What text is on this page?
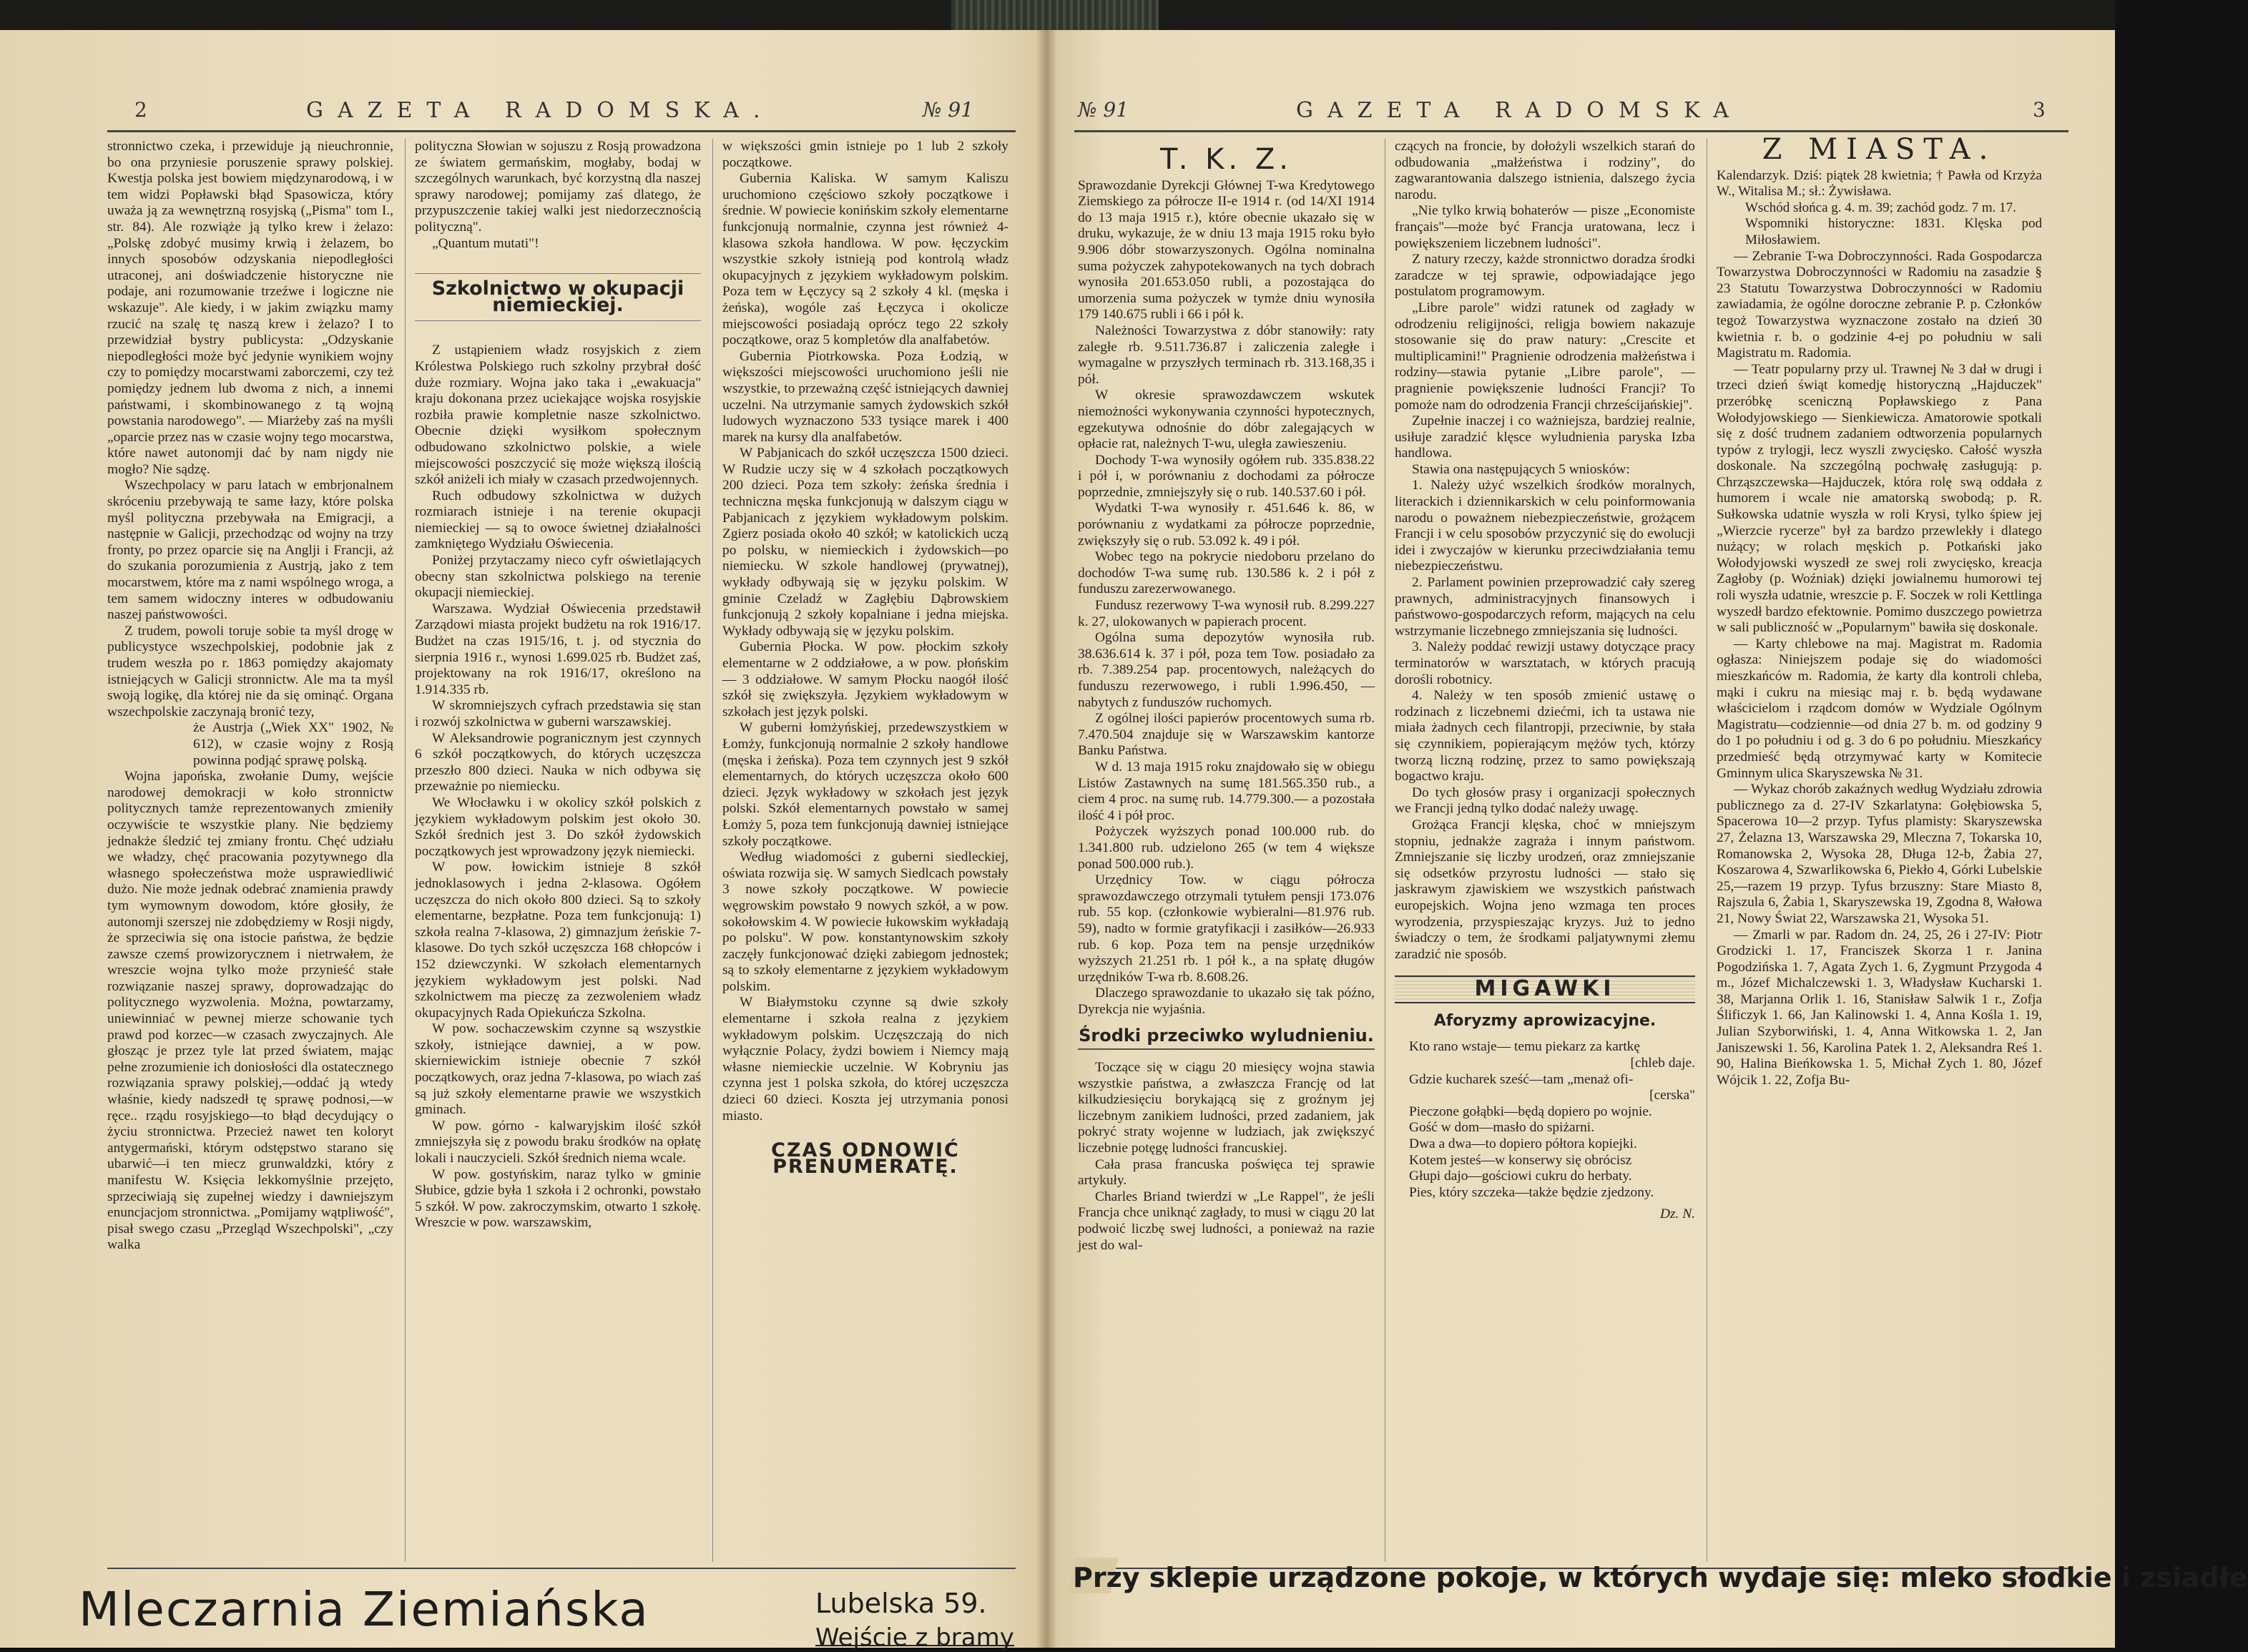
2	GAZETA RADOMSKA.	№ 91

stronnictwo czeka, i przewiduje ją nieuchronnie, bo ona przyniesie poruszenie sprawy polskiej. Kwestja polska jest bowiem międzynarodową, i w tem widzi Popławski błąd Spasowicza, który uważa ją za wewnętrzną rosyjską („Pisma" tom I., str. 84). Ale rozwiąże ją tylko krew i żelazo: „Polskę zdobyć musimy krwią i żelazem, bo innych sposobów odzyskania niepodległości utraconej, ani doświadczenie historyczne nie podaje, ani rozumowanie trzeźwe i logiczne nie wskazuje". Ale kiedy, i w jakim związku mamy rzucić na szalę tę naszą krew i żelazo? I to przewidział bystry publicysta: „Odzyskanie niepodległości może być jedynie wynikiem wojny czy to pomiędzy mocarstwami zaborczemi, czy też pomiędzy jednem lub dwoma z nich, a innemi państwami, i skombinowanego z tą wojną powstania narodowego". — Miarżeby zaś na myśli „oparcie przez nas w czasie wojny tego mocarstwa, które nawet autonomji dać by nam nigdy nie mogło? Nie sądzę.

Wszechpolacy w paru latach w embrjonalnem skróceniu przebywają te same łazy, które polska myśl polityczna przebywała na Emigracji, a następnie w Galicji, przechodząc od wojny na trzy fronty, po przez oparcie się na Anglji i Francji, aż do szukania porozumienia z Austrją, jako z tem mocarstwem, które ma z nami wspólnego wroga, a tem samem widoczny interes w odbudowaniu naszej państwowości.

Z trudem, powoli toruje sobie ta myśl drogę w publicystyce wszechpolskiej, podobnie jak z trudem weszła po r. 1863 pomiędzy akajomaty istniejących w Galicji stronnictw. Ale ma ta myśl swoją logikę, dla której nie da się ominąć. Organa wszechpolskie zaczynają bronić tezy,

że Austrja („Wiek XX" 1902, № 612), w czasie wojny z Rosją powinna podjąć sprawę polską.

Wojna japońska, zwołanie Dumy, wejście narodowej demokracji w koło stronnictw politycznych tamże reprezentowanych zmieniły oczywiście te wszystkie plany. Nie będziemy jednakże śledzić tej zmiany frontu. Chęć udziału we władzy, chęć pracowania pozytywnego dla własnego społeczeństwa może usprawiedliwić dużo. Nie może jednak odebrać znamienia prawdy tym wymownym dowodom, które głosiły, że autonomji szerszej nie zdobędziemy w Rosji nigdy, że sprzeciwia się ona istocie państwa, że będzie zawsze czemś prowizorycznem i nietrwałem, że wreszcie wojna tylko może przynieść stałe rozwiązanie naszej sprawy, doprowadzając do politycznego wyzwolenia. Można, powtarzamy, uniewinniać w pewnej mierze schowanie tych prawd pod korzec—w czasach zwyczajnych. Ale głosząc je przez tyle lat przed światem, mając pełne zrozumienie ich doniosłości dla ostatecznego rozwiązania sprawy polskiej,—oddać ją wtedy właśnie, kiedy nadszedł tę sprawę podnosi,—w ręce.. rządu rosyjskiego—to błąd decydujący o życiu stronnictwa. Przecież nawet ten koloryt antygermański, którym odstępstwo starano się ubarwić—i ten miecz grunwaldzki, który z manifestu W. Księcia lekkomyślnie przejęto, sprzeciwiają się zupełnej wiedzy i dawniejszym enuncjacjom stronnictwa. „Pomijamy wątpliwość", pisał swego czasu „Przegląd Wszechpolski", „czy walka

polityczna Słowian w sojuszu z Rosją prowadzona ze światem germańskim, mogłaby, bodaj w szczególnych warunkach, być korzystną dla naszej sprawy narodowej; pomijamy zaś dlatego, że przypuszczenie takiej walki jest niedorzecznością polityczną".

„Quantum mutati"!

Szkolnictwo w okupacji niemieckiej.

Z ustąpieniem władz rosyjskich z ziem Królestwa Polskiego ruch szkolny przybrał dość duże rozmiary. Wojna jako taka i „ewakuacja" kraju dokonana przez uciekające wojska rosyjskie rozbiła prawie kompletnie nasze szkolnictwo. Obecnie dzięki wysiłkom społecznym odbudowano szkolnictwo polskie, a wiele miejscowości poszczycić się może większą ilością szkół aniżeli ich miały w czasach przedwojennych.

Ruch odbudowy szkolnictwa w dużych rozmiarach istnieje i na terenie okupacji niemieckiej — są to owoce świetnej działalności zamkniętego Wydziału Oświecenia.

Poniżej przytaczamy nieco cyfr oświetlających obecny stan szkolnictwa polskiego na terenie okupacji niemieckiej.

Warszawa. Wydział Oświecenia przedstawił Zarządowi miasta projekt budżetu na rok 1916/17. Budżet na czas 1915/16, t. j. od stycznia do sierpnia 1916 r., wynosi 1.699.025 rb. Budżet zaś, projektowany na rok 1916/17, określono na 1.914.335 rb.

W skromniejszych cyfrach przedstawia się stan i rozwój szkolnictwa w guberni warszawskiej.

W Aleksandrowie pogranicznym jest czynnych 6 szkół początkowych, do których uczęszcza przeszło 800 dzieci. Nauka w nich odbywa się przeważnie po niemiecku.

We Włocławku i w okolicy szkół polskich z językiem wykładowym polskim jest około 30. Szkół średnich jest 3. Do szkół żydowskich początkowych jest wprowadzony język niemiecki.

W pow. łowickim istnieje 8 szkół jednoklasowych i jedna 2-klasowa. Ogółem uczęszcza do nich około 800 dzieci. Są to szkoły elementarne, bezpłatne. Poza tem funkcjonują: 1) szkoła realna 7-klasowa, 2) gimnazjum żeńskie 7-klasowe. Do tych szkół uczęszcza 168 chłopców i 152 dziewczynki. W szkołach elementarnych językiem wykładowym jest polski. Nad szkolnictwem ma pieczę za zezwoleniem władz okupacyjnych Rada Opiekuńcza Szkolna.

W pow. sochaczewskim czynne są wszystkie szkoły, istniejące dawniej, a w pow. skierniewickim istnieje obecnie 7 szkół początkowych, oraz jedna 7-klasowa, po wiach zaś są już szkoły elementarne prawie we wszystkich gminach.

W pow. górno - kalwaryjskim ilość szkół zmniejszyła się z powodu braku środków na opłatę lokali i nauczycieli. Szkół średnich niema wcale.

W pow. gostyńskim, naraz tylko w gminie Słubice, gdzie była 1 szkoła i 2 ochronki, powstało 5 szkół. W pow. zakroczymskim, otwarto 1 szkołę. Wreszcie w pow. warszawskim,

w większości gmin istnieje po 1 lub 2 szkoły początkowe.

Gubernia Kaliska. W samym Kaliszu uruchomiono częściowo szkoły początkowe i średnie. W powiecie konińskim szkoły elementarne funkcjonują normalnie, czynna jest również 4-klasowa szkoła handlowa. W pow. łęczyckim wszystkie szkoły istnieją pod kontrolą władz okupacyjnych z językiem wykładowym polskim. Poza tem w Łęczycy są 2 szkoły 4 kl. (męska i żeńska), wogóle zaś Łęczyca i okolicze miejscowości posiadają oprócz tego 22 szkoły początkowe, oraz 5 kompletów dla analfabetów.

Gubernia Piotrkowska. Poza Łodzią, w większości miejscowości uruchomiono jeśli nie wszystkie, to przeważną część istniejących dawniej uczelni. Na utrzymanie samych żydowskich szkół ludowych wyznaczono 533 tysiące marek i 400 marek na kursy dla analfabetów.

W Pabjanicach do szkół uczęszcza 1500 dzieci. W Rudzie uczy się w 4 szkołach początkowych 200 dzieci. Poza tem szkoły: żeńska średnia i techniczna męska funkcjonują w dalszym ciągu w Pabjanicach z językiem wykładowym polskim. Zgierz posiada około 40 szkół; w katolickich uczą po polsku, w niemieckich i żydowskich—po niemiecku. W szkole handlowej (prywatnej), wykłady odbywają się w języku polskim. W gminie Czeladź w Zagłębiu Dąbrowskiem funkcjonują 2 szkoły kopalniane i jedna miejska. Wykłady odbywają się w języku polskim.

Gubernia Płocka. W pow. płockim szkoły elementarne w 2 oddziałowe, a w pow. płońskim — 3 oddziałowe. W samym Płocku naogół ilość szkół się zwiększyła. Językiem wykładowym w szkołach jest język polski.

W guberni łomżyńskiej, przedewszystkiem w Łomży, funkcjonują normalnie 2 szkoły handlowe (męska i żeńska). Poza tem czynnych jest 9 szkół elementarnych, do których uczęszcza około 600 dzieci. Język wykładowy w szkołach jest język polski. Szkół elementarnych powstało w samej Łomży 5, poza tem funkcjonują dawniej istniejące szkoły początkowe.

Według wiadomości z guberni siedleckiej, oświata rozwija się. W samych Siedlcach powstały 3 nowe szkoły początkowe. W powiecie węgrowskim powstało 9 nowych szkół, a w pow. sokołowskim 4. W powiecie łukowskim wykładają po polsku". W pow. konstantynowskim szkoły zaczęły funkcjonować dzięki zabiegom jednostek; są to szkoły elementarne z językiem wykładowym polskim.

W Białymstoku czynne są dwie szkoły elementarne i szkoła realna z językiem wykładowym polskim. Uczęszczają do nich wyłącznie Polacy, żydzi bowiem i Niemcy mają własne niemieckie uczelnie. W Kobryniu jas czynna jest 1 polska szkoła, do której uczęszcza dzieci 60 dzieci. Koszta jej utrzymania ponosi miasto.

CZAS ODNOWIĆ PRENUMERATĘ.

Mleczarnia Ziemiańska	Lubelska 59.
Wejście z bramy
№ 91	GAZETA RADOMSKA	3

T. K. Z.

Sprawozdanie Dyrekcji Głównej T-wa Kredytowego Ziemskiego za półrocze II-e 1914 r. (od 14/XI 1914 do 13 maja 1915 r.), które obecnie ukazało się w druku, wykazuje, że w dniu 13 maja 1915 roku było 9.906 dóbr stowarzyszonych. Ogólna nominalna suma pożyczek zahypotekowanych na tych dobrach wynosiła 201.653.050 rubli, a pozostająca do umorzenia suma pożyczek w tymże dniu wynosiła 179 140.675 rubli i 66 i pół k.

Należności Towarzystwa z dóbr stanowiły: raty zaległe rb. 9.511.736.87 i zaliczenia zaległe i wymagalne w przyszłych terminach rb. 313.168,35 i pół.

W okresie sprawozdawczem wskutek niemożności wykonywania czynności hypotecznych, egzekutywa odnośnie do dóbr zalegających w opłacie rat, należnych T-wu, uległa zawieszeniu.

Dochody T-wa wynosiły ogółem rub. 335.838.22 i pół i, w porównaniu z dochodami za półrocze poprzednie, zmniejszyły się o rub. 140.537.60 i pół.

Wydatki T-wa wynosiły r. 451.646 k. 86, w porównaniu z wydatkami za półrocze poprzednie, zwiększyły się o rub. 53.092 k. 49 i pół.

Wobec tego na pokrycie niedoboru przelano do dochodów T-wa sumę rub. 130.586 k. 2 i pół z funduszu zarezerwowanego.

Fundusz rezerwowy T-wa wynosił rub. 8.299.227 k. 27, ulokowanych w papierach procent.

Ogólna suma depozytów wynosiła rub. 38.636.614 k. 37 i pół, poza tem Tow. posiadało za rb. 7.389.254 pap. procentowych, należących do funduszu rezerwowego, i rubli 1.996.450, — nabytych z funduszów ruchomych.

Z ogólnej ilości papierów procentowych suma rb. 7.470.504 znajduje się w Warszawskim kantorze Banku Państwa.

W d. 13 maja 1915 roku znajdowało się w obiegu Listów Zastawnych na sumę 181.565.350 rub., a ciem 4 proc. na sumę rub. 14.779.300.— a pozostała ilość 4 i pół proc.

Pożyczek wyższych ponad 100.000 rub. do 1.341.800 rub. udzielono 265 (w tem 4 większe ponad 500.000 rub.).

Urzędnicy Tow. w ciągu półrocza sprawozdawczego otrzymali tytułem pensji 173.076 rub. 55 kop. (członkowie wybieralni—81.976 rub. 59), nadto w formie gratyfikacji i zasiłków—26.933 rub. 6 kop. Poza tem na pensje urzędników wyższych 21.251 rb. 1 pół k., a na spłatę długów urzędników T-wa rb. 8.608.26.

Dlaczego sprawozdanie to ukazało się tak późno, Dyrekcja nie wyjaśnia.

Środki przeciwko wyludnieniu.

Toczące się w ciągu 20 miesięcy wojna stawia wszystkie państwa, a zwłaszcza Francję od lat kilkudziesięciu borykającą się z groźnym jej liczebnym zanikiem ludności, przed zadaniem, jak pokryć straty wojenne w ludziach, jak zwiększyć liczebnie potęgę ludności francuskiej.

Cała prasa francuska poświęca tej sprawie artykuły.

Charles Briand twierdzi w „Le Rappel", że jeśli Francja chce uniknąć zagłady, to musi w ciągu 20 lat podwoić liczbę swej ludności, a ponieważ na razie jest do wal-

czących na froncie, by dołożyli wszelkich starań do odbudowania „małżeństwa i rodziny", do zagwarantowania dalszego istnienia, dalszego życia narodu.

„Nie tylko krwią bohaterów — pisze „Economiste français"—może być Francja uratowana, lecz i powiększeniem liczebnem ludności".

Z natury rzeczy, każde stronnictwo doradza środki zaradcze w tej sprawie, odpowiadające jego postulatom programowym.

„Libre parole" widzi ratunek od zagłady w odrodzeniu religijności, religja bowiem nakazuje stosowanie się do praw natury: „Crescite et multiplicamini!" Pragnienie odrodzenia małżeństwa i rodziny—stawia pytanie „Libre parole", — pragnienie powiększenie ludności Francji? To pomoże nam do odrodzenia Francji chrześcijańskiej".

Zupełnie inaczej i co ważniejsza, bardziej realnie, usiłuje zaradzić klęsce wyludnienia paryska Izba handlowa.

Stawia ona następujących 5 wniosków:

1. Należy użyć wszelkich środków moralnych, literackich i dziennikarskich w celu poinformowania narodu o poważnem niebezpieczeństwie, grożącem Francji i w celu sposobów przyczynić się do ewolucji idei i zwyczajów w kierunku przeciwdziałania temu niebezpieczeństwu.

2. Parlament powinien przeprowadzić cały szereg prawnych, administracyjnych finansowych i państwowo-gospodarczych reform, mających na celu wstrzymanie liczebnego zmniejszania się ludności.

3. Należy poddać rewizji ustawy dotyczące pracy terminatorów w warsztatach, w których pracują dorośli robotnicy.

4. Należy w ten sposób zmienić ustawę o rodzinach z liczebnemi dziećmi, ich ta ustawa nie miała żadnych cech filantropji, przeciwnie, by stała się czynnikiem, popierającym mężów tych, którzy tworzą liczną rodzinę, przez to samo powiększają bogactwo kraju.

Do tych głosów prasy i organizacji społecznych we Francji jedną tylko dodać należy uwagę.

Grożąca Francji klęska, choć w mniejszym stopniu, jednakże zagraża i innym państwom. Zmniejszanie się liczby urodzeń, oraz zmniejszanie się odsetków przyrostu ludności — stało się jaskrawym zjawiskiem we wszystkich państwach europejskich. Wojna jeno wzmaga ten proces wyrodzenia, przyspieszając kryzys. Już to jedno świadczy o tem, że środkami paljatywnymi złemu zaradzić nie sposób.

MIGAWKI

Aforyzmy aprowizacyjne.

Kto rano wstaje— temu piekarz za kartkę

[chleb daje.

Gdzie kucharek sześć—tam „menaż ofi-

[cerska"

Pieczone gołąbki—będą dopiero po wojnie.

Gość w dom—masło do spiżarni.

Dwa a dwa—to dopiero półtora kopiejki.

Kotem jesteś—w konserwy się obrócisz

Głupi dajo—gościowi cukru do herbaty.

Pies, który szczeka—także będzie zjedzony.

Dz. N.

Z MIASTA.

Kalendarzyk. Dziś: piątek 28 kwietnia; † Pawła od Krzyża W., Witalisa M.; sł.: Żywisława.

Wschód słońca g. 4. m. 39; zachód godz. 7 m. 17.

Wspomniki historyczne: 1831. Klęska pod Miłosławiem.

— Zebranie T-wa Dobroczynności. Rada Gospodarcza Towarzystwa Dobroczynności w Radomiu na zasadzie § 23 Statutu Towarzystwa Dobroczynności w Radomiu zawiadamia, że ogólne doroczne zebranie P. p. Członków tegoż Towarzystwa wyznaczone zostało na dzień 30 kwietnia r. b. o godzinie 4-ej po południu w sali Magistratu m. Radomia.

— Teatr popularny przy ul. Trawnej № 3 dał w drugi i trzeci dzień świąt komedję historyczną „Hajduczek" przeróbkę sceniczną Popławskiego z Pana Wołodyjowskiego — Sienkiewicza. Amatorowie spotkali się z dość trudnem zadaniem odtworzenia popularnych typów z trylogji, lecz wyszli zwycięsko. Całość wyszła doskonale. Na szczególną pochwałę zasługują: p. Chrząszczewska—Hajduczek, która rolę swą oddała z humorem i wcale nie amatorską swobodą; p. R. Sułkowska udatnie wyszła w roli Krysi, tylko śpiew jej „Wierzcie rycerze" był za bardzo przewlekły i dlatego nużący; w rolach męskich p. Potkański jako Wołodyjowski wyszedł ze swej roli zwycięsko, kreacja Zagłoby (p. Woźniak) dzięki jowialnemu humorowi tej roli wyszła udatnie, wreszcie p. F. Soczek w roli Kettlinga wyszedł bardzo efektownie. Pomimo duszczego powietrza w sali publiczność w „Popularnym" bawiła się doskonale.

— Karty chlebowe na maj. Magistrat m. Radomia ogłasza: Niniejszem podaje się do wiadomości mieszkańców m. Radomia, że karty dla kontroli chleba, mąki i cukru na miesiąc maj r. b. będą wydawane właścicielom i rządcom domów w Wydziale Ogólnym Magistratu—codziennie—od dnia 27 b. m. od godziny 9 do 1 po południu i od g. 3 do 6 po południu. Mieszkańcy przedmieść będą otrzymywać karty w Komitecie Gminnym ulica Skaryszewska № 31.

— Wykaz chorób zakaźnych według Wydziału zdrowia publicznego za d. 27-IV Szkarlatyna: Gołębiowska 5, Spacerowa 10—2 przyp. Tyfus plamisty: Skaryszewska 27, Żelazna 13, Warszawska 29, Mleczna 7, Tokarska 10, Romanowska 2, Wysoka 28, Długa 12-b, Żabia 27, Koszarowa 4, Szwarlikowska 6, Piekło 4, Górki Lubelskie 25,—razem 19 przyp. Tyfus brzuszny: Stare Miasto 8, Rajszula 6, Żabia 1, Skaryszewska 19, Zgodna 8, Wałowa 21, Nowy Świat 22, Warszawska 21, Wysoka 51.

— Zmarli w par. Radom dn. 24, 25, 26 i 27-IV: Piotr Grodzicki 1. 17, Franciszek Skorza 1 r. Janina Pogodzińska 1. 7, Agata Zych 1. 6, Zygmunt Przygoda 4 m., Józef Michalczewski 1. 3, Władysław Kucharski 1. 38, Marjanna Orlik 1. 16, Stanisław Salwik 1 r., Zofja Ślificzyk 1. 66, Jan Kalinowski 1. 4, Anna Kośla 1. 19, Julian Szyborwiński, 1. 4, Anna Witkowska 1. 2, Jan Janiszewski 1. 56, Karolina Patek 1. 2, Aleksandra Reś 1. 90, Halina Bieńkowska 1. 5, Michał Zych 1. 80, Józef Wójcik 1. 22, Zofja Bu-

Przy sklepie urządzone pokoje, w których wydaje się: mleko słodkie i zsiadłe
